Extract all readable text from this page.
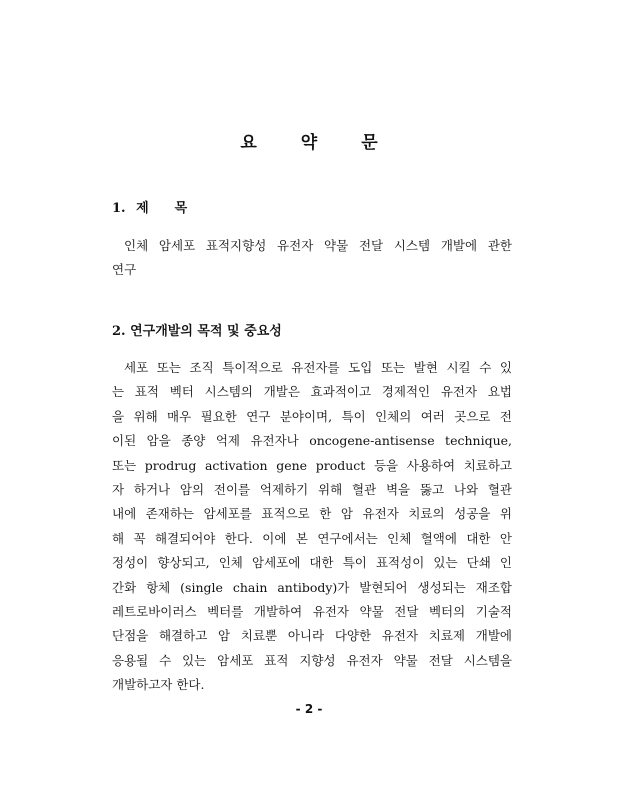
요	약	문
1. 제 목
인체 암세포 표적지향성 유전자 약물 전달 시스템 개발에 관한
연구
2. 연구개발의 목적 및 중요성
세포 또는 조직 특이적으로 유전자를 도입 또는 발현 시킬 수 있
는 표적 벡터 시스템의 개발은 효과적이고 경제적인 유전자 요법
을 위해 매우 필요한 연구 분야이며, 특이 인체의 여러 곳으로 전
이된 암을 종양 억제 유전자나 oncogene-antisense technique,
또는 prodrug activation gene product 등을 사용하여 치료하고
자 하거나 암의 전이를 억제하기 위해 혈관 벽을 뚫고 나와 혈관
내에 존재하는 암세포를 표적으로 한 암 유전자 치료의 성공을 위
해 꼭 해결되어야 한다. 이에 본 연구에서는 인체 혈액에 대한 안
정성이 향상되고, 인체 암세포에 대한 특이 표적성이 있는 단쇄 인
간화 항체 (single chain antibody)가 발현되어 생성되는 재조합
레트로바이러스 벡터를 개발하여 유전자 약물 전달 벡터의 기술적
단점을 해결하고 암 치료뿐 아니라 다양한 유전자 치료제 개발에
응용될 수 있는 암세포 표적 지향성 유전자 약물 전달 시스템을
개발하고자 한다.
- 2 -
